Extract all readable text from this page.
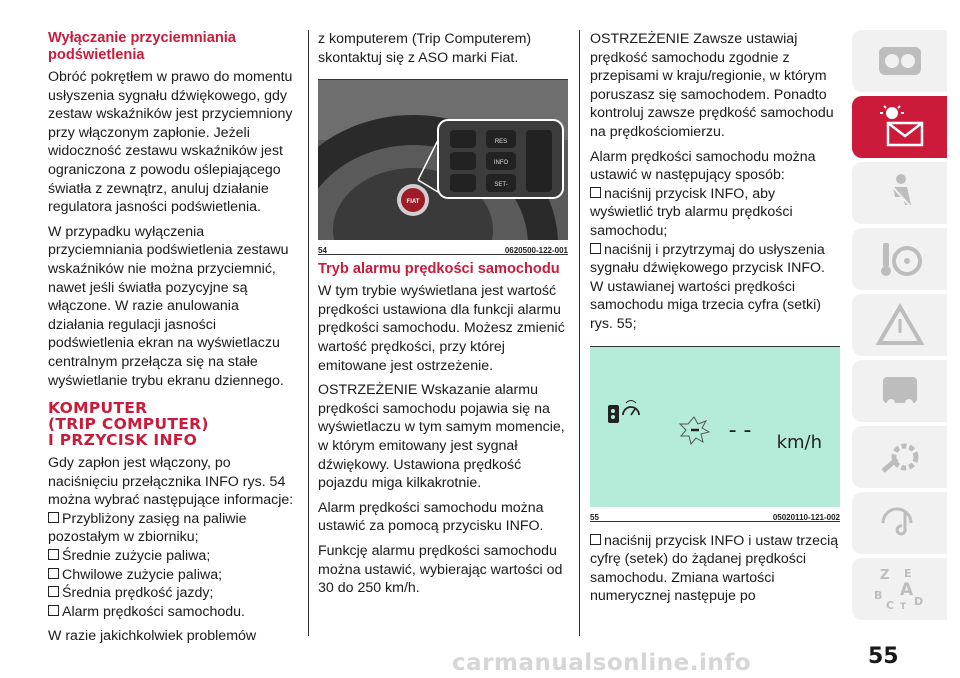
Wyłączanie przyciemniania podświetlenia

Obróć pokrętłem w prawo do momentu usłyszenia sygnału dźwiękowego, gdy zestaw wskaźników jest przyciemniony przy włączonym zapłonie. Jeżeli widoczność zestawu wskaźników jest ograniczona z powodu oślepiającego światła z zewnątrz, anuluj działanie regulatora jasności podświetlenia.

W przypadku wyłączenia przyciemniania podświetlenia zestawu wskaźników nie można przyciemnić, nawet jeśli światła pozycyjne są włączone. W razie anulowania działania regulacji jasności podświetlenia ekran na wyświetlaczu centralnym przełącza się na stałe wyświetlanie trybu ekranu dziennego.

KOMPUTER
(TRIP COMPUTER)
I PRZYCISK INFO

Gdy zapłon jest włączony, po naciśnięciu przełącznika INFO rys. 54 można wybrać następujące informacje:

Przybliżony zasięg na paliwie pozostałym w zbiorniku;
Średnie zużycie paliwa;
Chwilowe zużycie paliwa;
Średnia prędkość jazdy;
Alarm prędkości samochodu.

W razie jakichkolwiek problemów

z komputerem (Trip Computerem) skontaktuj się z ASO marki Fiat.

FIAT
RES
INFO
SET-
54	0620500-122-001
Tryb alarmu prędkości samochodu

W tym trybie wyświetlana jest wartość prędkości ustawiona dla funkcji alarmu prędkości samochodu. Możesz zmienić wartość prędkości, przy której emitowane jest ostrzeżenie.

OSTRZEŻENIE Wskazanie alarmu prędkości samochodu pojawia się na wyświetlaczu w tym samym momencie, w którym emitowany jest sygnał dźwiękowy. Ustawiona prędkość pojazdu miga kilkakrotnie.

Alarm prędkości samochodu można ustawić za pomocą przycisku INFO.

Funkcję alarmu prędkości samochodu można ustawić, wybierając wartości od 30 do 250 km/h.

OSTRZEŻENIE Zawsze ustawiaj prędkość samochodu zgodnie z przepisami w kraju/regionie, w którym poruszasz się samochodem. Ponadto kontroluj zawsze prędkość samochodu na prędkościomierzu.

Alarm prędkości samochodu można ustawić w następujący sposób:

naciśnij przycisk INFO, aby wyświetlić tryb alarmu prędkości samochodu;
naciśnij i przytrzymaj do usłyszenia sygnału dźwiękowego przycisk INFO.

W ustawianej wartości prędkości samochodu miga trzecia cyfra (setki) rys. 55;

- - km/h
55	05020110-121-002
naciśnij przycisk INFO i ustaw trzecią cyfrę (setek) do żądanej prędkości samochodu. Zmiana wartości numerycznej następuje po
Z E
A
B
C T D
carmanualsonline.info	55
